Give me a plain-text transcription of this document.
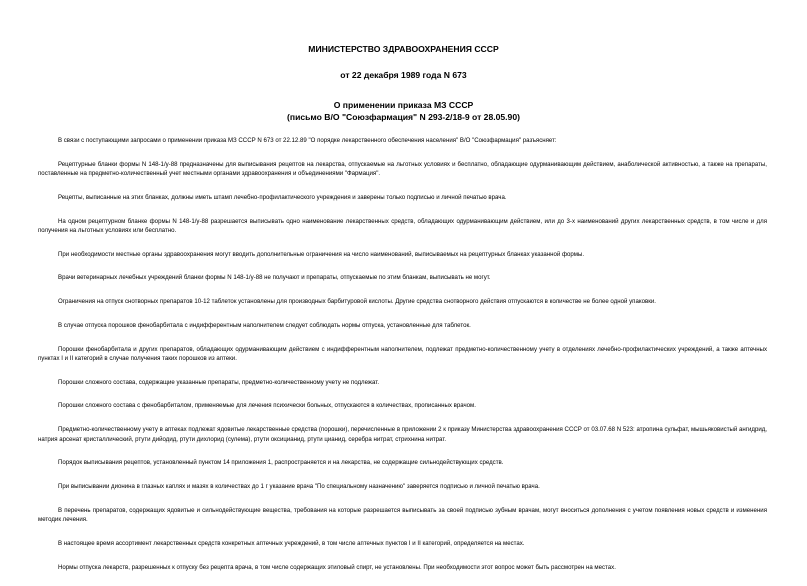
МИНИСТЕРСТВО ЗДРАВООХРАНЕНИЯ СССР
от 22 декабря 1989 года N 673
О применении приказа МЗ СССР
(письмо В/О "Союзфармация" N 293-2/18-9 от 28.05.90)

В связи с поступающими запросами о применении приказа МЗ СССР N 673 от 22.12.89 "О порядке лекарственного обеспечения населения" В/О "Союзфармация" разъясняет:

Рецептурные бланки формы N 148-1/у-88 предназначены для выписывания рецептов на лекарства, отпускаемые на льготных условиях и бесплатно, обладающие одурманивающим действием, анаболической активностью, а также на препараты, поставленные на предметно-количественный учет местными органами здравоохранения и объединениями "Фармация".

Рецепты, выписанные на этих бланках, должны иметь штамп лечебно-профилактического учреждения и заверены только подписью и личной печатью врача.

На одном рецептурном бланке формы N 148-1/у-88 разрешается выписывать одно наименование лекарственных средств, обладающих одурманивающим действием, или до 3-х наименований других лекарственных средств, в том числе и для получения на льготных условиях или бесплатно.

При необходимости местные органы здравоохранения могут вводить дополнительные ограничения на число наименований, выписываемых на рецептурных бланках указанной формы.

Врачи ветеринарных лечебных учреждений бланки формы N 148-1/у-88 не получают и препараты, отпускаемые по этим бланкам, выписывать не могут.

Ограничения на отпуск снотворных препаратов 10-12 таблеток установлены для производных барбитуровой кислоты. Другие средства снотворного действия отпускаются в количестве не более одной упаковки.

В случае отпуска порошков фенобарбитала с индифферентным наполнителем следует соблюдать нормы отпуска, установленные для таблеток.

Порошки фенобарбитала и других препаратов, обладающих одурманивающим действием с индифферентным наполнителем, подлежат предметно-количественному учету в отделениях лечебно-профилактических учреждений, а также аптечных пунктах I и II категорий в случае получения таких порошков из аптеки.

Порошки сложного состава, содержащие указанные препараты, предметно-количественному учету не подлежат.

Порошки сложного состава с фенобарбиталом, применяемые для лечения психически больных, отпускаются в количествах, прописанных врачом.

Предметно-количественному учету в аптеках подлежат ядовитые лекарственные средства (порошки), перечисленные в приложении 2 к приказу Министерства здравоохранения СССР от 03.07.68 N 523: атропина сульфат, мышьяковистый ангидрид, натрия арсенат кристаллический, ртути дийодид, ртути дихлорид (сулема), ртути оксицианид, ртути цианид, серебра нитрат, стрихнина нитрат.

Порядок выписывания рецептов, установленный пунктом 14 приложения 1, распространяется и на лекарства, не содержащие сильнодействующих средств.

При выписывании дионина в глазных каплях и мазях в количествах до 1 г указание врача "По специальному назначению" заверяется подписью и личной печатью врача.

В перечень препаратов, содержащих ядовитые и сильнодействующие вещества, требования на которые разрешается выписывать за своей подписью зубным врачам, могут вноситься дополнения с учетом появления новых средств и изменения методик лечения.

В настоящее время ассортимент лекарственных средств конкретных аптечных учреждений, в том числе аптечных пунктов I и II категорий, определяется на местах.

Нормы отпуска лекарств, разрешенных к отпуску без рецепта врача, в том числе содержащих этиловый спирт, не установлены. При необходимости этот вопрос может быть рассмотрен на местах.
